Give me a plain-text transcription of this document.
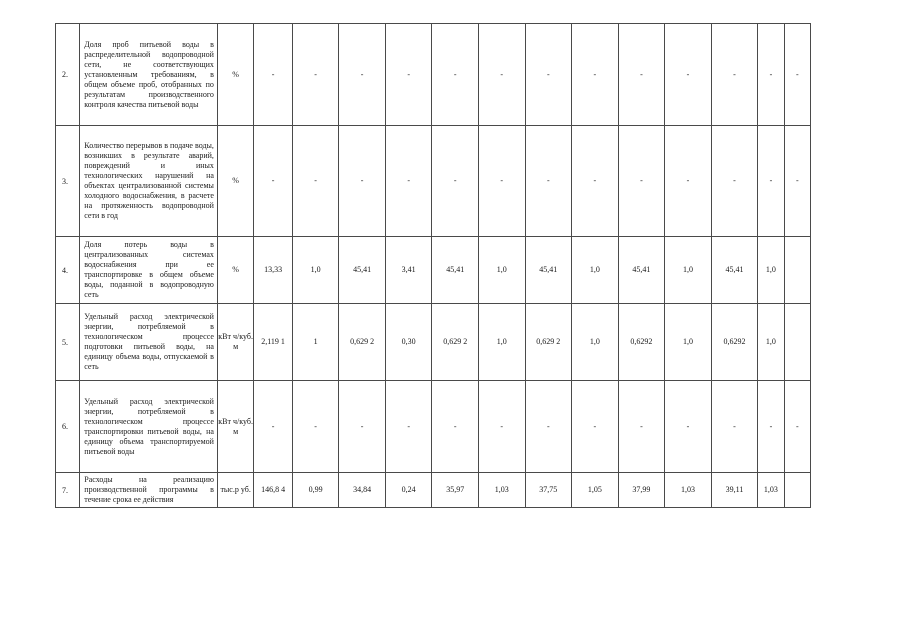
2.	Доля проб питьевой воды в распределительной водопроводной сети, не соответствующих установленным требованиям, в общем объеме проб, отобранных по результатам производственного контроля качества питьевой воды	%	-	-	-	-	-	-	-	-	-	-	-	-	-
3.	Количество перерывов в подаче воды, возникших в результате аварий, повреждений и иных технологических нарушений на объектах централизованной системы холодного водоснабжения, в расчете на протяженность водопроводной сети в год	%	-	-	-	-	-	-	-	-	-	-	-	-	-
4.	Доля потерь воды в централизованных системах водоснабжения при ее транспортировке в общем объеме воды, поданной в водопроводную сеть	%	13,33	1,0	45,41	3,41	45,41	1,0	45,41	1,0	45,41	1,0	45,41	1,0	
5.	Удельный расход электрической энергии, потребляемой в технологическом процессе подготовки питьевой воды, на единицу объема воды, отпускаемой в сеть	кВт ч/куб. м	2,119 1	1	0,629 2	0,30	0,629 2	1,0	0,629 2	1,0	0,6292	1,0	0,6292	1,0	
6.	Удельный расход электрической энергии, потребляемой в технологическом процессе транспортировки питьевой воды, на единицу объема транспортируемой питьевой воды	кВт ч/куб. м	-	-	-	-	-	-	-	-	-	-	-	-	-
7.	Расходы на реализацию производственной программы в течение срока ее действия	тыс.р уб.	146,8 4	0,99	34,84	0,24	35,97	1,03	37,75	1,05	37,99	1,03	39,11	1,03	
